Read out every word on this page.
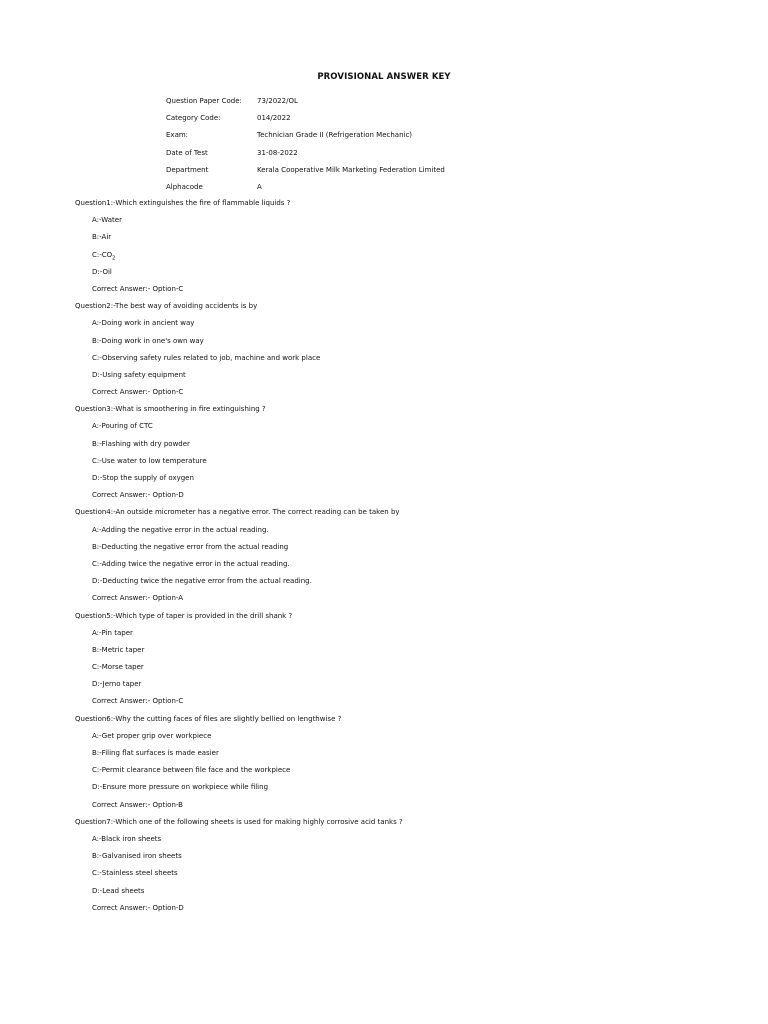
PROVISIONAL ANSWER KEY
Question Paper Code:	73/2022/OL
Category Code:	014/2022
Exam:	Technician Grade II (Refrigeration Mechanic)
Date of Test	31-08-2022
Department	Kerala Cooperative Milk Marketing Federation Limited
Alphacode	A
Question1:-Which extinguishes the fire of flammable liquids ?
A:-Water
B:-Air
$C:-CO_2$
D:-Oil
Correct Answer:- Option-C
Question2:-The best way of avoiding accidents is by
A:-Doing work in ancient way
B:-Doing work in one's own way
C:-Observing safety rules related to job, machine and work place
D:-Using safety equipment
Correct Answer:- Option-C
Question3:-What is smoothering in fire extinguishing ?
A:-Pouring of CTC
B:-Flashing with dry powder
C:-Use water to low temperature
D:-Stop the supply of oxygen
Correct Answer:- Option-D
Question4:-An outside micrometer has a negative error. The correct reading can be taken by
A:-Adding the negative error in the actual reading.
B:-Deducting the negative error from the actual reading
C:-Adding twice the negative error in the actual reading.
D:-Deducting twice the negative error from the actual reading.
Correct Answer:- Option-A
Question5:-Which type of taper is provided in the drill shank ?
A:-Pin taper
B:-Metric taper
C:-Morse taper
D:-Jerno taper
Correct Answer:- Option-C
Question6:-Why the cutting faces of files are slightly bellied on lengthwise ?
A:-Get proper grip over workpiece
B:-Filing flat surfaces is made easier
C:-Permit clearance between file face and the workpiece
D:-Ensure more pressure on workpiece while filing
Correct Answer:- Option-B
Question7:-Which one of the following sheets is used for making highly corrosive acid tanks ?
A:-Black iron sheets
B:-Galvanised iron sheets
C:-Stainless steel sheets
D:-Lead sheets
Correct Answer:- Option-D
